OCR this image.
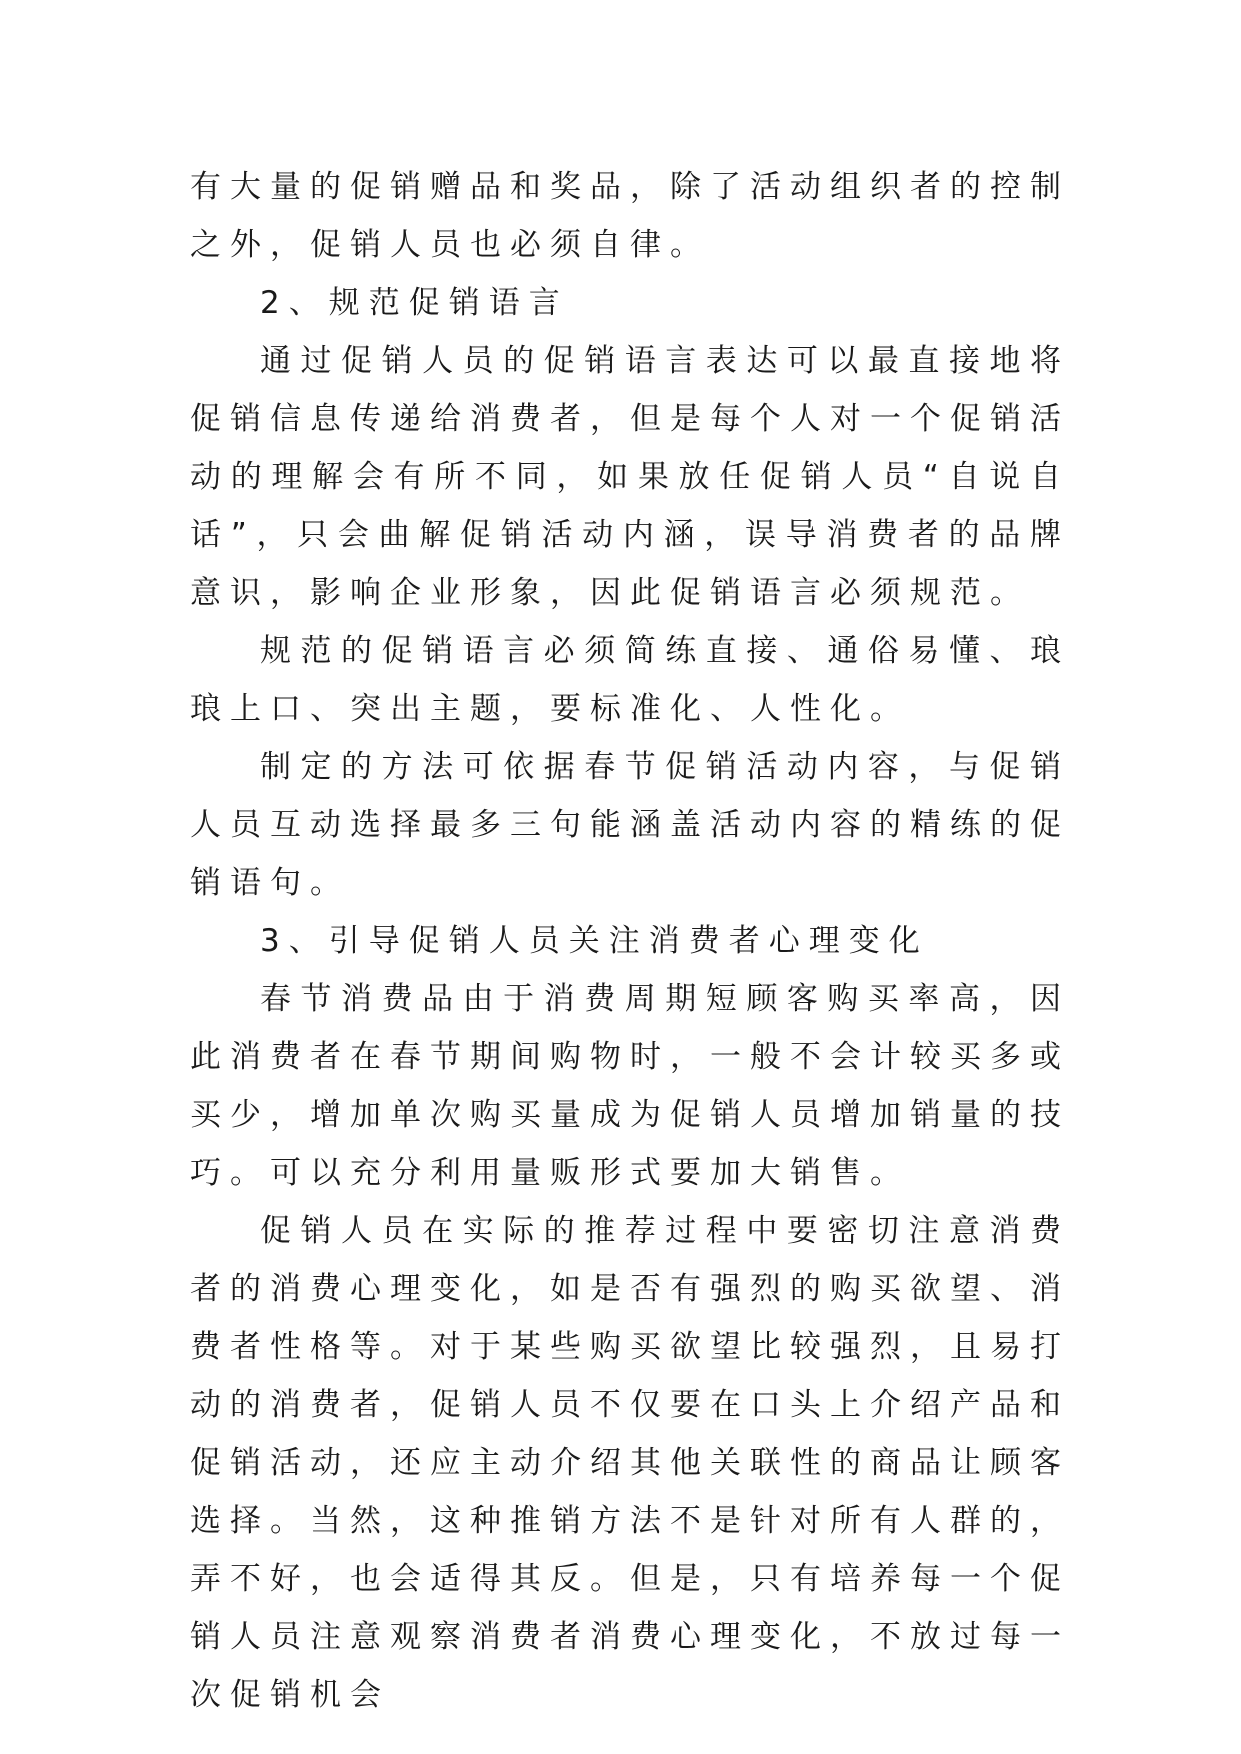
有大量的促销赠品和奖品，除了活动组织者的控制之外，促销人员也必须自律。

2、规范促销语言

通过促销人员的促销语言表达可以最直接地将促销信息传递给消费者，但是每个人对一个促销活动的理解会有所不同，如果放任促销人员“自说自话”，只会曲解促销活动内涵，误导消费者的品牌意识，影响企业形象，因此促销语言必须规范。

规范的促销语言必须简练直接、通俗易懂、琅琅上口、突出主题，要标准化、人性化。

制定的方法可依据春节促销活动内容，与促销人员互动选择最多三句能涵盖活动内容的精练的促销语句。

3、引导促销人员关注消费者心理变化

春节消费品由于消费周期短顾客购买率高，因此消费者在春节期间购物时，一般不会计较买多或买少，增加单次购买量成为促销人员增加销量的技巧。可以充分利用量贩形式要加大销售。

促销人员在实际的推荐过程中要密切注意消费者的消费心理变化，如是否有强烈的购买欲望、消费者性格等。对于某些购买欲望比较强烈，且易打动的消费者，促销人员不仅要在口头上介绍产品和促销活动，还应主动介绍其他关联性的商品让顾客选择。当然，这种推销方法不是针对所有人群的，弄不好，也会适得其反。但是，只有培养每一个促销人员注意观察消费者消费心理变化，不放过每一次促销机会
